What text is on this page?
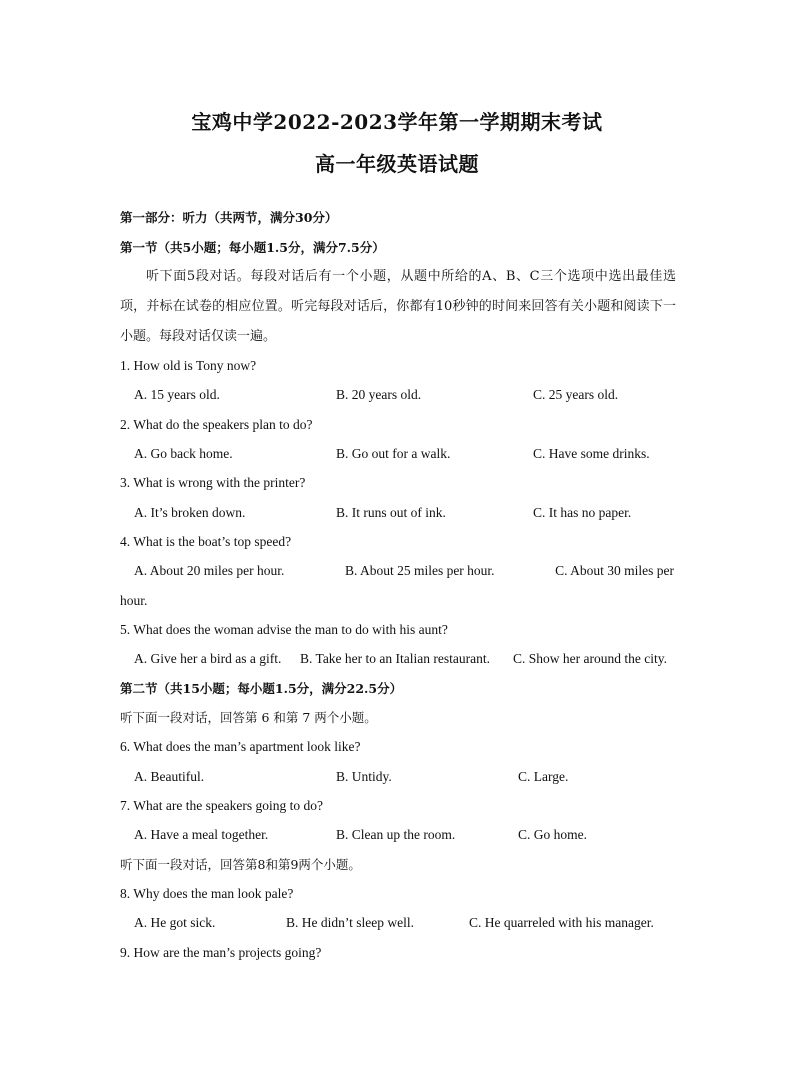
宝鸡中学2022-2023学年第一学期期末考试
高一年级英语试题
第一部分：听力（共两节，满分30分）
第一节（共5小题；每小题1.5分，满分7.5分）
听下面5段对话。每段对话后有一个小题，从题中所给的A、B、C三个选项中选出最佳选项，并标在试卷的相应位置。听完每段对话后，你都有10秒钟的时间来回答有关小题和阅读下一小题。每段对话仅读一遍。
1. How old is Tony now?
A. 15 years old.	B. 20 years old.	C. 25 years old.
2. What do the speakers plan to do?
A. Go back home.	B. Go out for a walk.	C. Have some drinks.
3. What is wrong with the printer?
A. It’s broken down.	B. It runs out of ink.	C. It has no paper.
4. What is the boat’s top speed?
A. About 20 miles per hour.	B. About 25 miles per hour.	C. About 30 miles per
hour.
5. What does the woman advise the man to do with his aunt?
A. Give her a bird as a gift. B. Take her to an Italian restaurant. C. Show her around the city.
第二节（共15小题；每小题1.5分，满分22.5分）
听下面一段对话，回答第 6 和第 7 两个小题。
6. What does the man’s apartment look like?
A. Beautiful.	B. Untidy.	C. Large.
7. What are the speakers going to do?
A. Have a meal together.	B. Clean up the room.	C. Go home.
听下面一段对话，回答第8和第9两个小题。
8. Why does the man look pale?
A. He got sick.	B. He didn’t sleep well.	C. He quarreled with his manager.
9. How are the man’s projects going?
